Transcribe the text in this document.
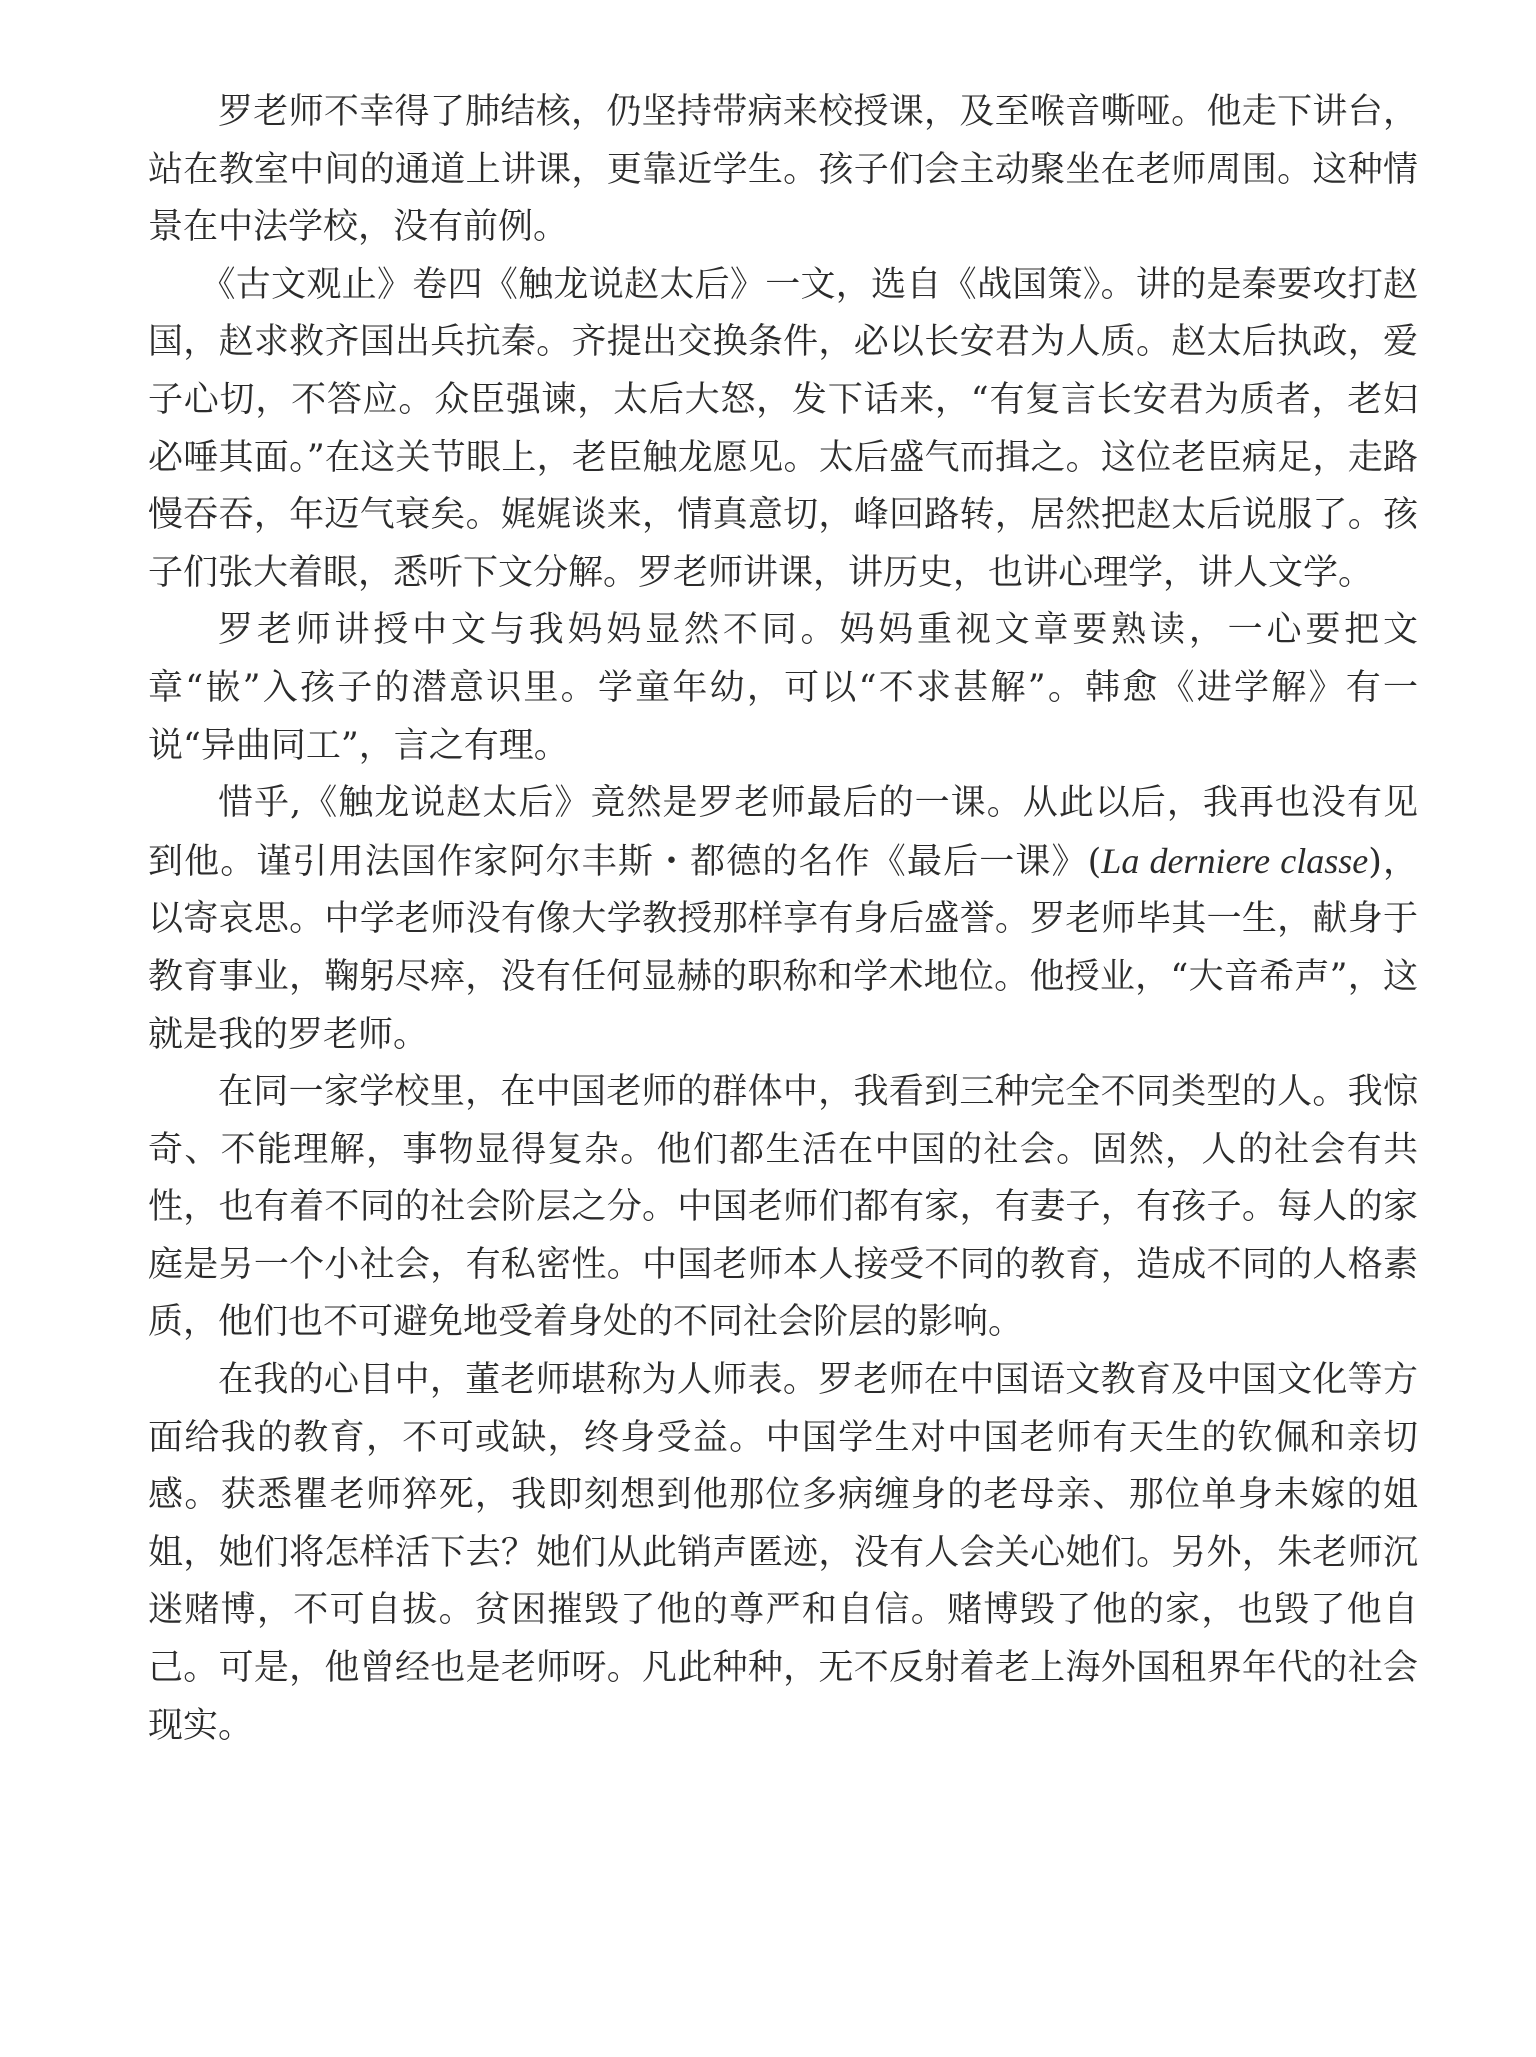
罗老师不幸得了肺结核，仍坚持带病来校授课，及至喉音嘶哑。他走下讲台，站在教室中间的通道上讲课，更靠近学生。孩子们会主动聚坐在老师周围。这种情景在中法学校，没有前例。

《古文观止》卷四《触龙说赵太后》一文，选自《战国策》。讲的是秦要攻打赵国，赵求救齐国出兵抗秦。齐提出交换条件，必以长安君为人质。赵太后执政，爱子心切，不答应。众臣强谏，太后大怒，发下话来，“有复言长安君为质者，老妇必唾其面。”在这关节眼上，老臣触龙愿见。太后盛气而揖之。这位老臣病足，走路慢吞吞，年迈气衰矣。娓娓谈来，情真意切，峰回路转，居然把赵太后说服了。孩子们张大着眼，悉听下文分解。罗老师讲课，讲历史，也讲心理学，讲人文学。

罗老师讲授中文与我妈妈显然不同。妈妈重视文章要熟读，一心要把文章“嵌”入孩子的潜意识里。学童年幼，可以“不求甚解”。韩愈《进学解》有一说“异曲同工”，言之有理。

惜乎,《触龙说赵太后》竟然是罗老师最后的一课。从此以后，我再也没有见到他。谨引用法国作家阿尔丰斯・都德的名作《最后一课》(La derniere classe)，以寄哀思。中学老师没有像大学教授那样享有身后盛誉。罗老师毕其一生，献身于教育事业，鞠躬尽瘁，没有任何显赫的职称和学术地位。他授业，“大音希声”，这就是我的罗老师。

在同一家学校里，在中国老师的群体中，我看到三种完全不同类型的人。我惊奇、不能理解，事物显得复杂。他们都生活在中国的社会。固然，人的社会有共性，也有着不同的社会阶层之分。中国老师们都有家，有妻子，有孩子。每人的家庭是另一个小社会，有私密性。中国老师本人接受不同的教育，造成不同的人格素质，他们也不可避免地受着身处的不同社会阶层的影响。

在我的心目中，董老师堪称为人师表。罗老师在中国语文教育及中国文化等方面给我的教育，不可或缺，终身受益。中国学生对中国老师有天生的钦佩和亲切感。获悉瞿老师猝死，我即刻想到他那位多病缠身的老母亲、那位单身未嫁的姐姐，她们将怎样活下去？她们从此销声匿迹，没有人会关心她们。另外，朱老师沉迷赌博，不可自拔。贫困摧毁了他的尊严和自信。赌博毁了他的家，也毁了他自己。可是，他曾经也是老师呀。凡此种种，无不反射着老上海外国租界年代的社会现实。
